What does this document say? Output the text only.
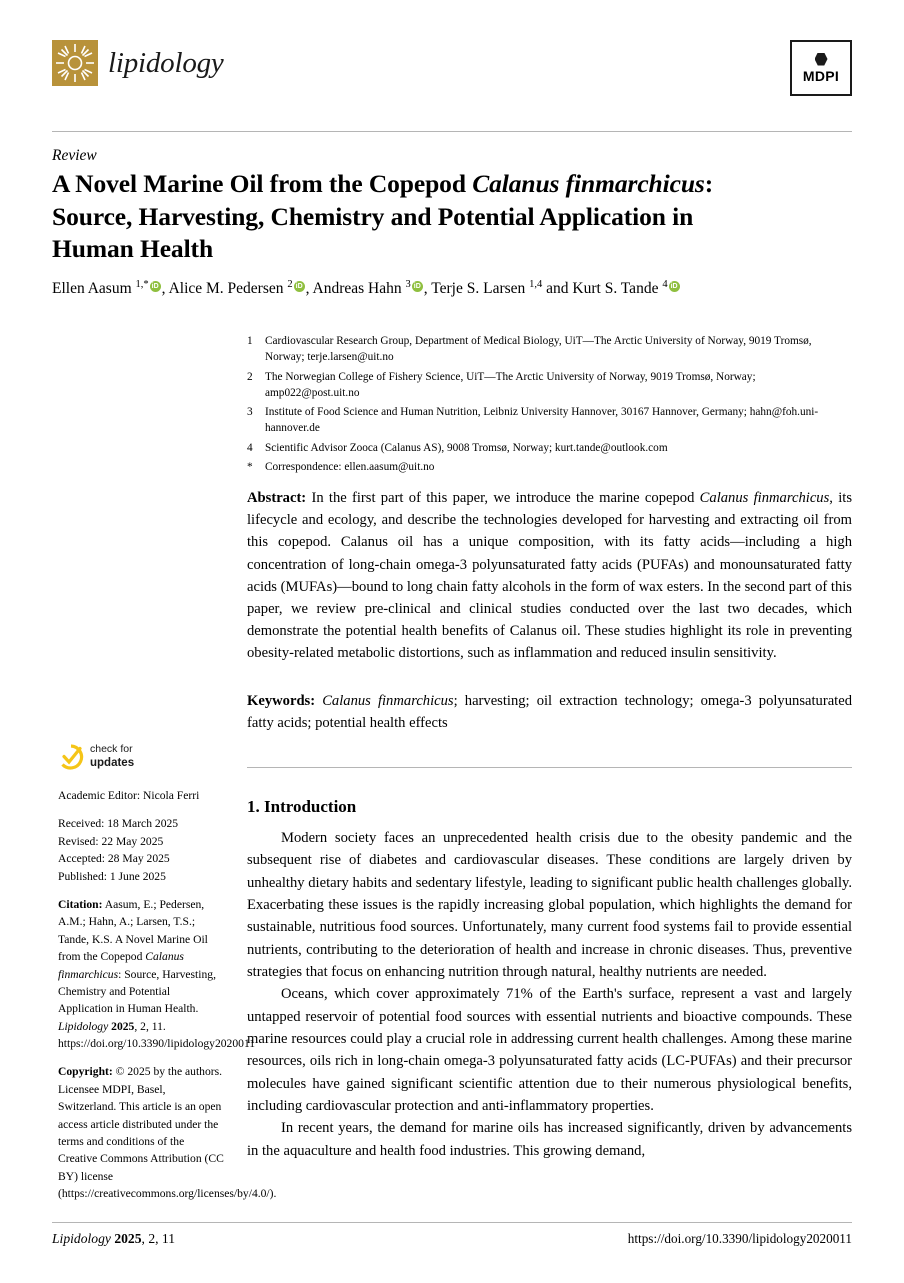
lipidology	MDPI
Review
A Novel Marine Oil from the Copepod Calanus finmarchicus:
Source, Harvesting, Chemistry and Potential Application in
Human Health
Ellen Aasum $^{1,*}$ iD , Alice M. Pedersen $^2$ iD , Andreas Hahn $^3$ iD , Terje S. Larsen $^{1,4}$ and Kurt S. Tande $^4$iD
1	Cardiovascular Research Group, Department of Medical Biology, UiT—The Arctic University of Norway, 9019 Tromsø, Norway; terje.larsen@uit.no
2	The Norwegian College of Fishery Science, UiT—The Arctic University of Norway, 9019 Tromsø, Norway; amp022@post.uit.no
3	Institute of Food Science and Human Nutrition, Leibniz University Hannover, 30167 Hannover, Germany; hahn@foh.uni-hannover.de
4	Scientific Advisor Zooca (Calanus AS), 9008 Tromsø, Norway; kurt.tande@outlook.com
*	Correspondence: ellen.aasum@uit.no
Abstract: In the first part of this paper, we introduce the marine copepod Calanus finmarchicus, its lifecycle and ecology, and describe the technologies developed for harvesting and extracting oil from this copepod. Calanus oil has a unique composition, with its fatty acids—including a high concentration of long-chain omega-3 polyunsaturated fatty acids (PUFAs) and monounsaturated fatty acids (MUFAs)—bound to long chain fatty alcohols in the form of wax esters. In the second part of this paper, we review pre-clinical and clinical studies conducted over the last two decades, which demonstrate the potential health benefits of Calanus oil. These studies highlight its role in preventing obesity-related metabolic distortions, such as inflammation and reduced insulin sensitivity.
Keywords: Calanus finmarchicus; harvesting; oil extraction technology; omega-3 polyunsaturated fatty acids; potential health effects
1. Introduction

Modern society faces an unprecedented health crisis due to the obesity pandemic and the subsequent rise of diabetes and cardiovascular diseases. These conditions are largely driven by unhealthy dietary habits and sedentary lifestyle, leading to significant public health challenges globally. Exacerbating these issues is the rapidly increasing global population, which highlights the demand for sustainable, nutritious food sources. Unfortunately, many current food systems fail to provide essential nutrients, contributing to the deterioration of health and increase in chronic diseases. Thus, preventive strategies that focus on enhancing nutrition through natural, healthy nutrients are needed.

Oceans, which cover approximately 71% of the Earth's surface, represent a vast and largely untapped reservoir of potential food sources with essential nutrients and bioactive compounds. These marine resources could play a crucial role in addressing current health challenges. Among these marine resources, oils rich in long-chain omega-3 polyunsaturated fatty acids (LC-PUFAs) and their precursor molecules have gained significant scientific attention due to their numerous physiological benefits, including cardiovascular protection and anti-inflammatory properties.

In recent years, the demand for marine oils has increased significantly, driven by advancements in the aquaculture and health food industries. This growing demand,

check for
updates
Academic Editor: Nicola Ferri
Received: 18 March 2025
Revised: 22 May 2025
Accepted: 28 May 2025
Published: 1 June 2025
Citation: Aasum, E.; Pedersen, A.M.; Hahn, A.; Larsen, T.S.; Tande, K.S. A Novel Marine Oil from the Copepod Calanus finmarchicus: Source, Harvesting, Chemistry and Potential Application in Human Health. Lipidology 2025, 2, 11. https://doi.org/10.3390/lipidology2020011
Copyright: © 2025 by the authors. Licensee MDPI, Basel, Switzerland. This article is an open access article distributed under the terms and conditions of the Creative Commons Attribution (CC BY) license (https://creativecommons.org/licenses/by/4.0/).
Lipidology 2025, 2, 11	https://doi.org/10.3390/lipidology2020011
